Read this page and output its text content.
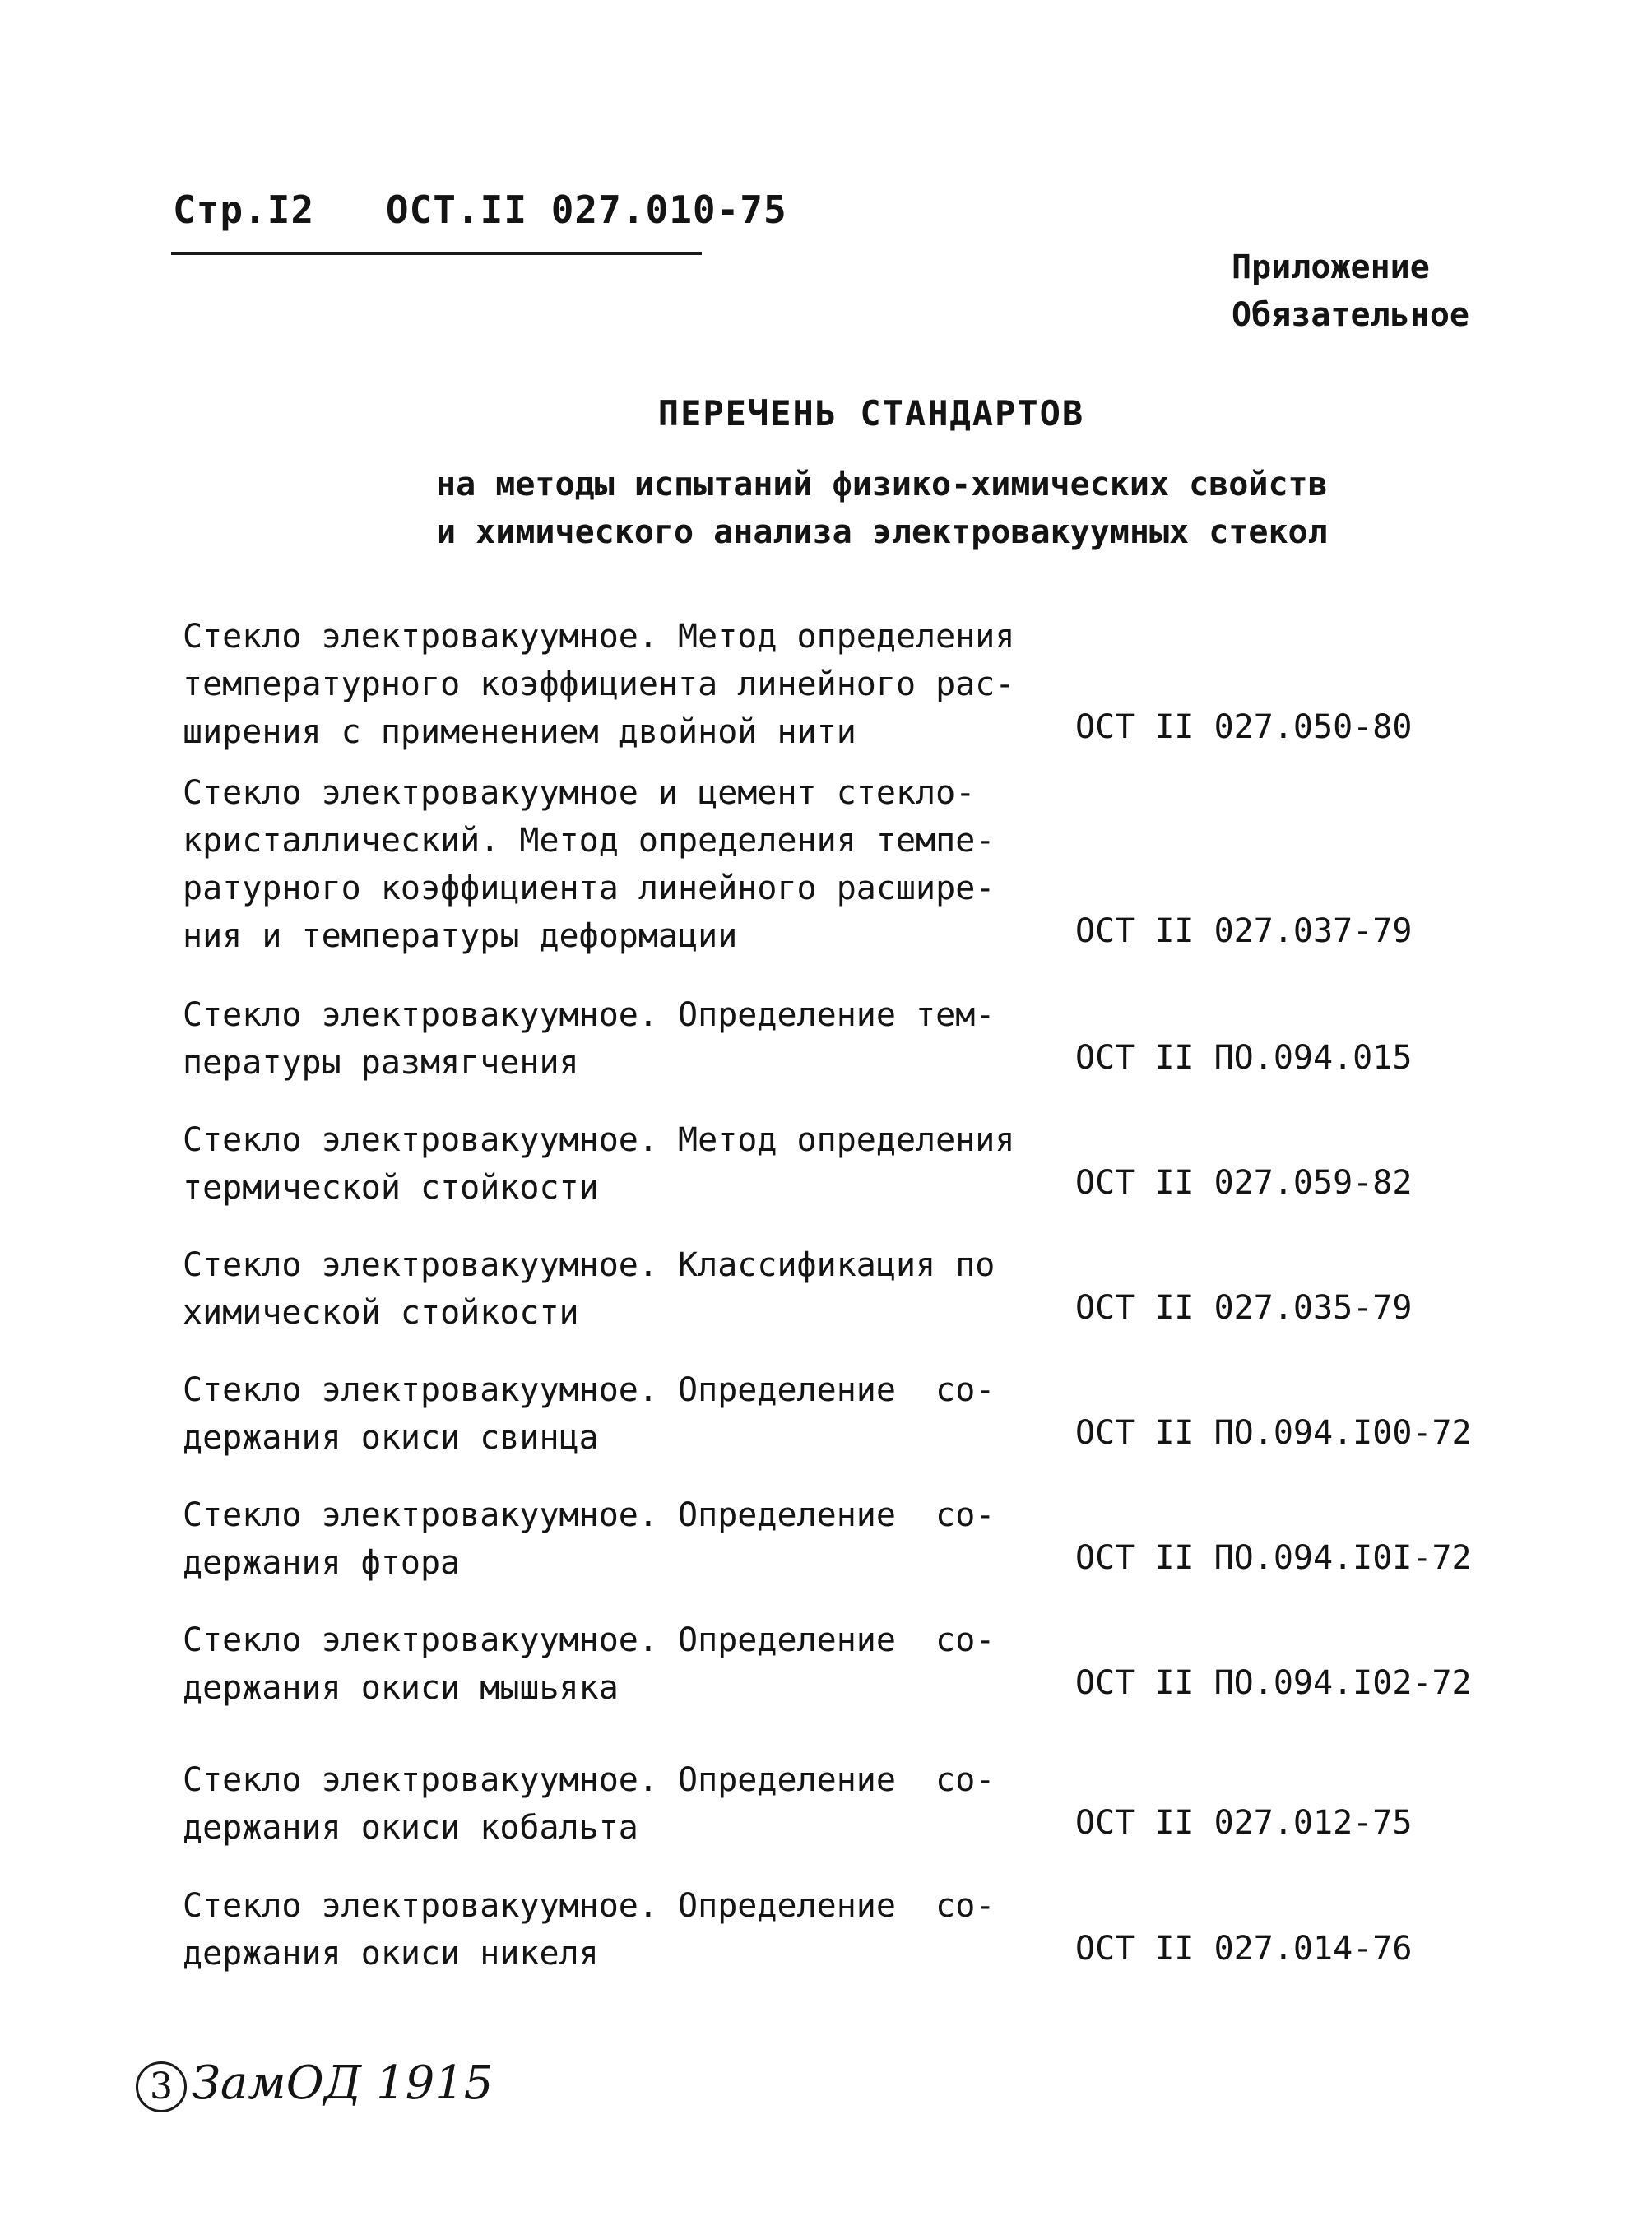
Стр.I2 ОСТ.II 027.010-75
Приложение
Обязательное
ПЕРЕЧЕНЬ СТАНДАРТОВ
на методы испытаний физико-химических свойств
и химического анализа электровакуумных стекол
Стекло электровакуумное. Метод определения
температурного коэффициента линейного рас-
ширения с применением двойной нити	ОСТ II 027.050-80
Стекло электровакуумное и цемент стекло-
кристаллический. Метод определения темпе-
ратурного коэффициента линейного расшире-
ния и температуры деформации	ОСТ II 027.037-79
Стекло электровакуумное. Определение тем-
пературы размягчения	ОСТ II ПО.094.015
Стекло электровакуумное. Метод определения
термической стойкости	ОСТ II 027.059-82
Стекло электровакуумное. Классификация по
химической стойкости	ОСТ II 027.035-79
Стекло электровакуумное. Определение  со-
держания окиси свинца	ОСТ II ПО.094.I00-72
Стекло электровакуумное. Определение  со-
держания фтора	ОСТ II ПО.094.I0I-72
Стекло электровакуумное. Определение  со-
держания окиси мышьяка	ОСТ II ПО.094.I02-72
Стекло электровакуумное. Определение  со-
держания окиси кобальта	ОСТ II 027.012-75
Стекло электровакуумное. Определение  со-
держания окиси никеля	ОСТ II 027.014-76
3 ЗамОД 1915
